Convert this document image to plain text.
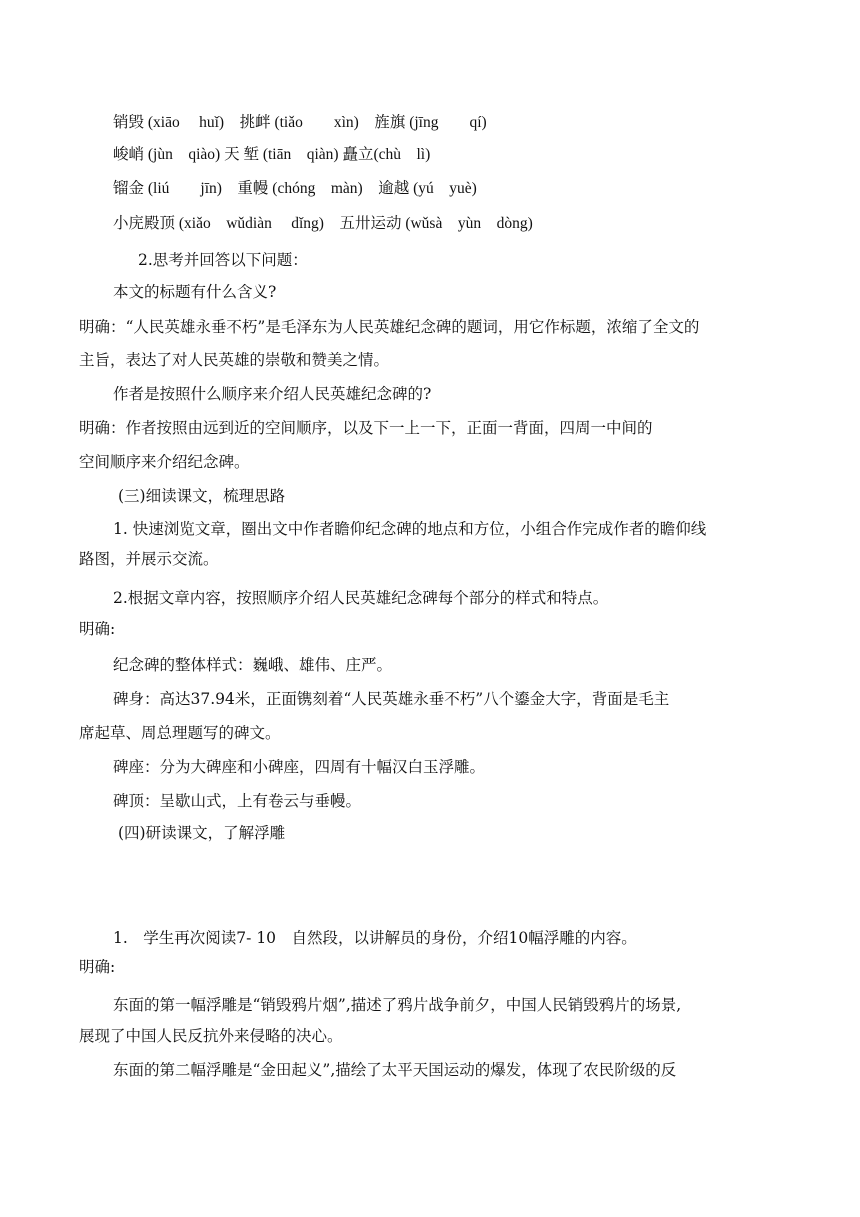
销毁 (xiāo　 huǐ)　挑衅 (tiǎo　　xìn)　旌旗 (jīng　　qí)
峻峭 (jùn　qiào) 天 堑 (tiān　qiàn) 矗立(chù　lì)
镏金 (liú　　jīn)　重幔 (chóng　màn)　逾越 (yú　yuè)
小庑殿顶 (xiǎo　wǔdiàn　 dǐng)　五卅运动 (wǔsà　yùn　dòng)
2.思考并回答以下问题：
本文的标题有什么含义?
明确：“人民英雄永垂不朽”是毛泽东为人民英雄纪念碑的题词，用它作标题，浓缩了全文的
主旨，表达了对人民英雄的崇敬和赞美之情。
作者是按照什么顺序来介绍人民英雄纪念碑的?
明确：作者按照由远到近的空间顺序，以及下一上一下，正面一背面，四周一中间的
空间顺序来介绍纪念碑。
(三)细读课文，梳理思路
1. 快速浏览文章，圈出文中作者瞻仰纪念碑的地点和方位，小组合作完成作者的瞻仰线
路图，并展示交流。
2.根据文章内容，按照顺序介绍人民英雄纪念碑每个部分的样式和特点。
明确:
纪念碑的整体样式：巍峨、雄伟、庄严。
碑身：高达37.94米，正面镌刻着“人民英雄永垂不朽”八个鎏金大字，背面是毛主
席起草、周总理题写的碑文。
碑座：分为大碑座和小碑座，四周有十幅汉白玉浮雕。
碑顶：呈歇山式，上有卷云与垂幔。
(四)研读课文，了解浮雕
1.　学生再次阅读7- 10　自然段，以讲解员的身份，介绍10幅浮雕的内容。
明确:
东面的第一幅浮雕是“销毁鸦片烟”,描述了鸦片战争前夕，中国人民销毁鸦片的场景,
展现了中国人民反抗外来侵略的决心。
东面的第二幅浮雕是“金田起义”,描绘了太平天国运动的爆发，体现了农民阶级的反
